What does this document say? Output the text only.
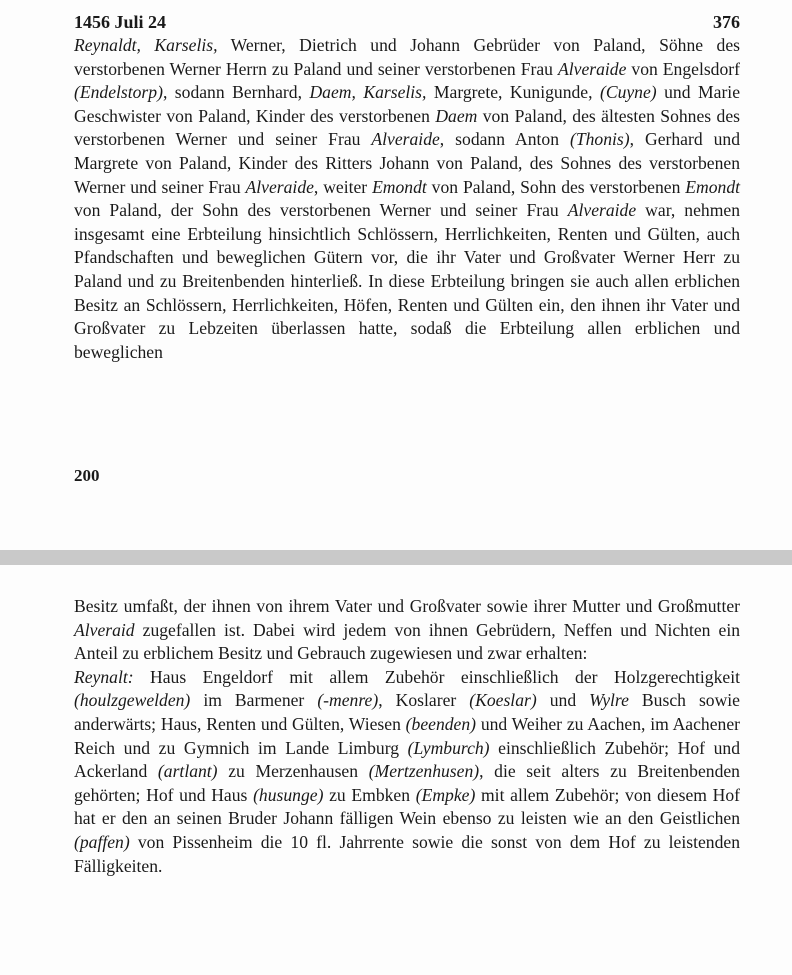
1456 Juli 24	376

Reynaldt, Karselis, Werner, Dietrich und Johann Gebrüder von Paland, Söhne des verstorbenen Werner Herrn zu Paland und seiner verstorbenen Frau Alveraide von Engelsdorf (Endelstorp), sodann Bernhard, Daem, Karselis, Margrete, Kunigunde, (Cuyne) und Marie Geschwister von Paland, Kinder des verstorbenen Daem von Paland, des ältesten Sohnes des verstorbenen Werner und seiner Frau Alveraide, sodann Anton (Thonis), Gerhard und Margrete von Paland, Kinder des Ritters Johann von Paland, des Sohnes des verstorbenen Werner und seiner Frau Alveraide, weiter Emondt von Paland, Sohn des verstorbenen Emondt von Paland, der Sohn des verstorbenen Werner und seiner Frau Alveraide war, nehmen insgesamt eine Erbteilung hinsichtlich Schlössern, Herrlichkeiten, Renten und Gülten, auch Pfandschaften und beweglichen Gütern vor, die ihr Vater und Großvater Werner Herr zu Paland und zu Breitenbenden hinterließ. In diese Erbteilung bringen sie auch allen erblichen Besitz an Schlössern, Herrlichkeiten, Höfen, Renten und Gülten ein, den ihnen ihr Vater und Großvater zu Lebzeiten überlassen hatte, sodaß die Erbteilung allen erblichen und beweglichen

200

Besitz umfaßt, der ihnen von ihrem Vater und Großvater sowie ihrer Mutter und Großmutter Alveraid zugefallen ist. Dabei wird jedem von ihnen Gebrüdern, Neffen und Nichten ein Anteil zu erblichem Besitz und Gebrauch zugewiesen und zwar erhalten:
Reynalt: Haus Engeldorf mit allem Zubehör einschließlich der Holzgerechtigkeit (houlzgewelden) im Barmener (-menre), Koslarer (Koeslar) und Wylre Busch sowie anderwärts; Haus, Renten und Gülten, Wiesen (beenden) und Weiher zu Aachen, im Aachener Reich und zu Gymnich im Lande Limburg (Lymburch) einschließlich Zubehör; Hof und Ackerland (artlant) zu Merzenhausen (Mertzenhusen), die seit alters zu Breitenbenden gehörten; Hof und Haus (husunge) zu Embken (Empke) mit allem Zubehör; von diesem Hof hat er den an seinen Bruder Johann fälligen Wein ebenso zu leisten wie an den Geistlichen (paffen) von Pissenheim die 10 fl. Jahrrente sowie die sonst von dem Hof zu leistenden Fälligkeiten.
